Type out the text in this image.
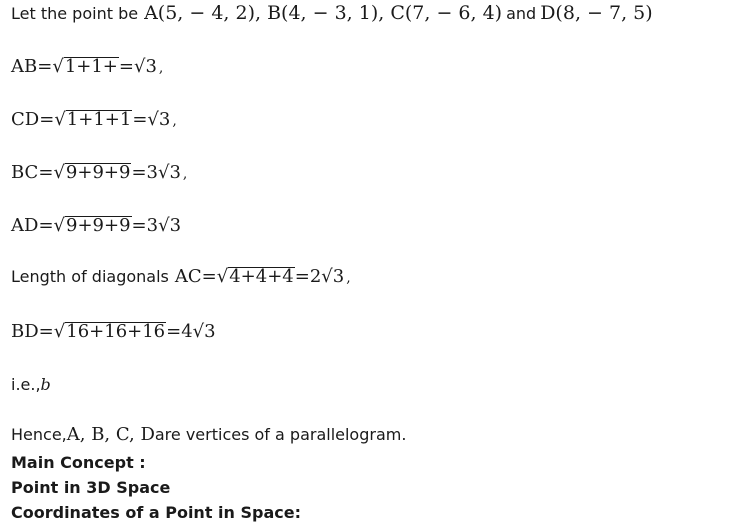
Let the point be A(5, − 4, 2), B(4, − 3, 1), C(7, − 6, 4) and D(8, − 7, 5)
AB = √ 1+1+ = √3 ,
CD = √ 1+1+1 = √3 ,
BC = √ 9+9+9 = 3√3 ,
AD = √ 9+9+9 = 3√3
Length of diagonals AC = √ 4+4+4 = 2√3 ,
BD = √ 16+16+16 = 4√3
i.e., b
Hence, A, B, C, D are vertices of a parallelogram.
Main Concept :
Point in 3D Space
Coordinates of a Point in Space:
